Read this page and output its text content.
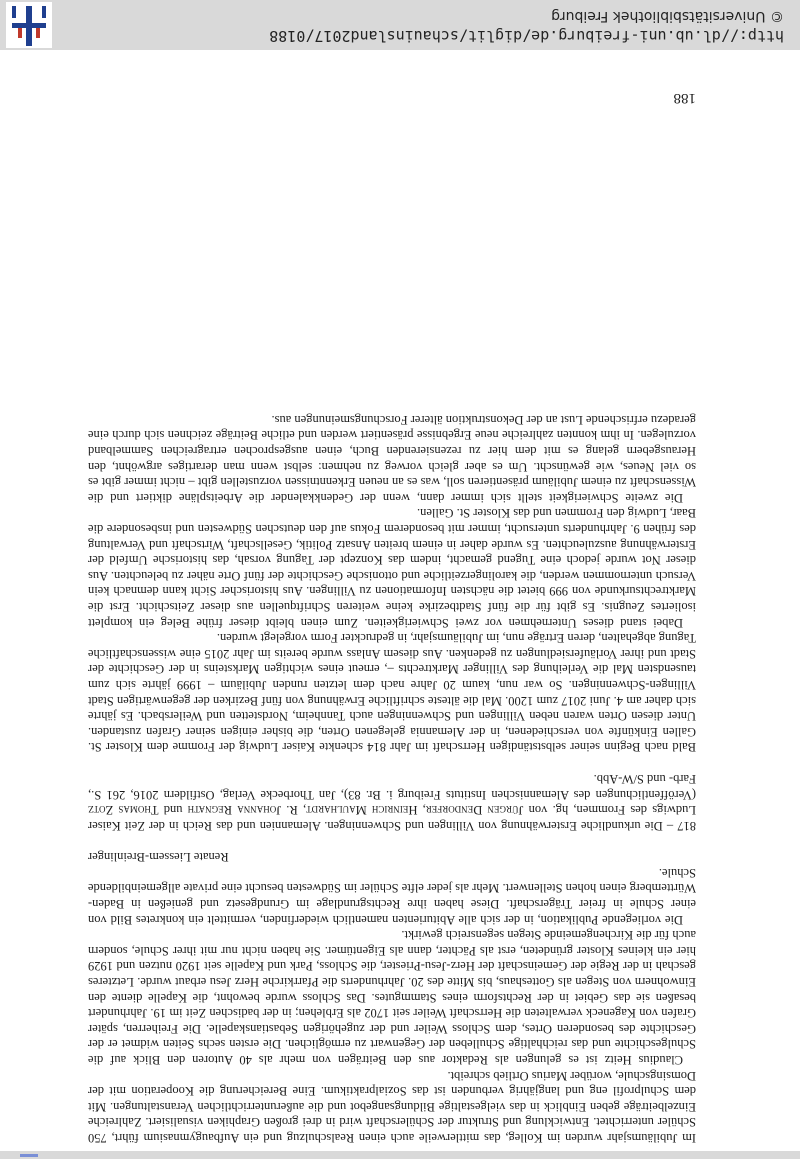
Im Jubiläumsjahr wurden im Kolleg, das mittlerweile auch einen Realschulzug und ein Aufbaugymnasium führt, 750 Schüler unterrichtet. Entwicklung und Struktur der Schülerschaft wird in drei großen Graphiken visualisiert. Zahlreiche Einzelbeiträge geben Einblick in das vielgestaltige Bildungsangebot und die außerunterrichtlichen Veranstaltungen. Mit dem Schulprofil eng und langjährig verbunden ist das Sozialpraktikum. Eine Bereicherung die Kooperation mit der Domsingschule, worüber Marius Ortlieb schreibt.

Claudius Heitz ist es gelungen als Redaktor aus den Beiträgen von mehr als 40 Autoren den Blick auf die Schulgeschichte und das reichhaltige Schulleben der Gegenwart zu ermöglichen. Die ersten sechs Seiten widmet er der Geschichte des besonderen Ortes, dem Schloss Weiler und der zugehörigen Sebastianskapelle. Die Freiherren, später Grafen von Kageneck verwalteten die Herrschaft Weiler seit 1702 als Erblehen; in der badischen Zeit im 19. Jahrhundert besaßen sie das Gebiet in der Rechtsform eines Stammgutes. Das Schloss wurde bewohnt, die Kapelle diente den Einwohnern von Stegen als Gotteshaus, bis Mitte des 20. Jahrhunderts die Pfarrkirche Herz Jesu erbaut wurde. Letzteres geschah in der Regie der Gemeinschaft der Herz-Jesu-Priester, die Schloss, Park und Kapelle seit 1920 nutzen und 1929 hier ein kleines Kloster gründeten, erst als Pächter, dann als Eigentümer. Sie haben nicht nur mit ihrer Schule, sondern auch für die Kirchengemeinde Stegen segensreich gewirkt.

Die vorliegende Publikation, in der sich alle Abiturienten namentlich wiederfinden, vermittelt ein konkretes Bild von einer Schule in freier Trägerschaft. Diese haben ihre Rechtsgrundlage im Grundgesetz und genießen in Baden-Württemberg einen hohen Stellenwert. Mehr als jeder elfte Schüler im Südwesten besucht eine private allgemeinbildende Schule.

Renate Liessem-Breinlinger

817 – Die urkundliche Ersterwähnung von Villingen und Schwenningen. Alemannien und das Reich in der Zeit Kaiser Ludwigs des Frommen, hg. von Jürgen Dendorfer, Heinrich Maulhardt, R. Johanna Regnath und Thomas Zotz (Veröffentlichungen des Alemannischen Instituts Freiburg i. Br. 83), Jan Thorbecke Verlag, Ostfildern 2016, 261 S., Farb- und S/W-Abb.

Bald nach Beginn seiner selbstständigen Herrschaft im Jahr 814 schenkte Kaiser Ludwig der Fromme dem Kloster St. Gallen Einkünfte von verschiedenen, in der Alemannia gelegenen Orten, die bisher einigen seiner Grafen zustanden. Unter diesen Orten waren neben Villingen und Schwenningen auch Tannheim, Nordstetten und Weilersbach. Es jährte sich daher am 4. Juni 2017 zum 1200. Mal die älteste schriftliche Erwähnung von fünf Bezirken der gegenwärtigen Stadt Villingen-Schwenningen. So war nun, kaum 20 Jahre nach dem letzten runden Jubiläum – 1999 jährte sich zum tausendsten Mal die Verleihung des Villinger Marktrechts –, erneut eines wichtigen Marksteins in der Geschichte der Stadt und ihrer Vorläufersiedlungen zu gedenken. Aus diesem Anlass wurde bereits im Jahr 2015 eine wissenschaftliche Tagung abgehalten, deren Erträge nun, im Jubiläumsjahr, in gedruckter Form vorgelegt wurden.

Dabei stand dieses Unternehmen vor zwei Schwierigkeiten. Zum einen bleibt dieser frühe Beleg ein komplett isoliertes Zeugnis. Es gibt für die fünf Stadtbezirke keine weiteren Schriftquellen aus dieser Zeitschicht. Erst die Marktrechtsurkunde von 999 bietet die nächsten Informationen zu Villingen. Aus historischer Sicht kann demnach kein Versuch unternommen werden, die karolingerzeitliche und ottonische Geschichte der fünf Orte näher zu beleuchten. Aus dieser Not wurde jedoch eine Tugend gemacht, indem das Konzept der Tagung vorsah, das historische Umfeld der Ersterwähnung auszuleuchten. Es wurde daher in einem breiten Ansatz Politik, Gesellschaft, Wirtschaft und Verwaltung des frühen 9. Jahrhunderts untersucht, immer mit besonderem Fokus auf den deutschen Südwesten und insbesondere die Baar, Ludwig den Frommen und das Kloster St. Gallen.

Die zweite Schwierigkeit stellt sich immer dann, wenn der Gedenkkalender die Arbeitspläne diktiert und die Wissenschaft zu einem Jubiläum präsentieren soll, was es an neuen Erkenntnissen vorzustellen gibt – nicht immer gibt es so viel Neues, wie gewünscht. Um es aber gleich vorweg zu nehmen: selbst wenn man derartiges argwöhnt, den Herausgebern gelang es mit dem hier zu rezensierenden Buch, einen ausgesprochen ertragreichen Sammelband vorzulegen. In ihm konnten zahlreiche neue Ergebnisse präsentiert werden und etliche Beiträge zeichnen sich durch eine geradezu erfrischende Lust an der Dekonstruktion älterer Forschungsmeinungen aus.

188
http://dl.ub.uni-freiburg.de/diglit/schauinsland2017/0188
© Universitätsbibliothek Freiburg
